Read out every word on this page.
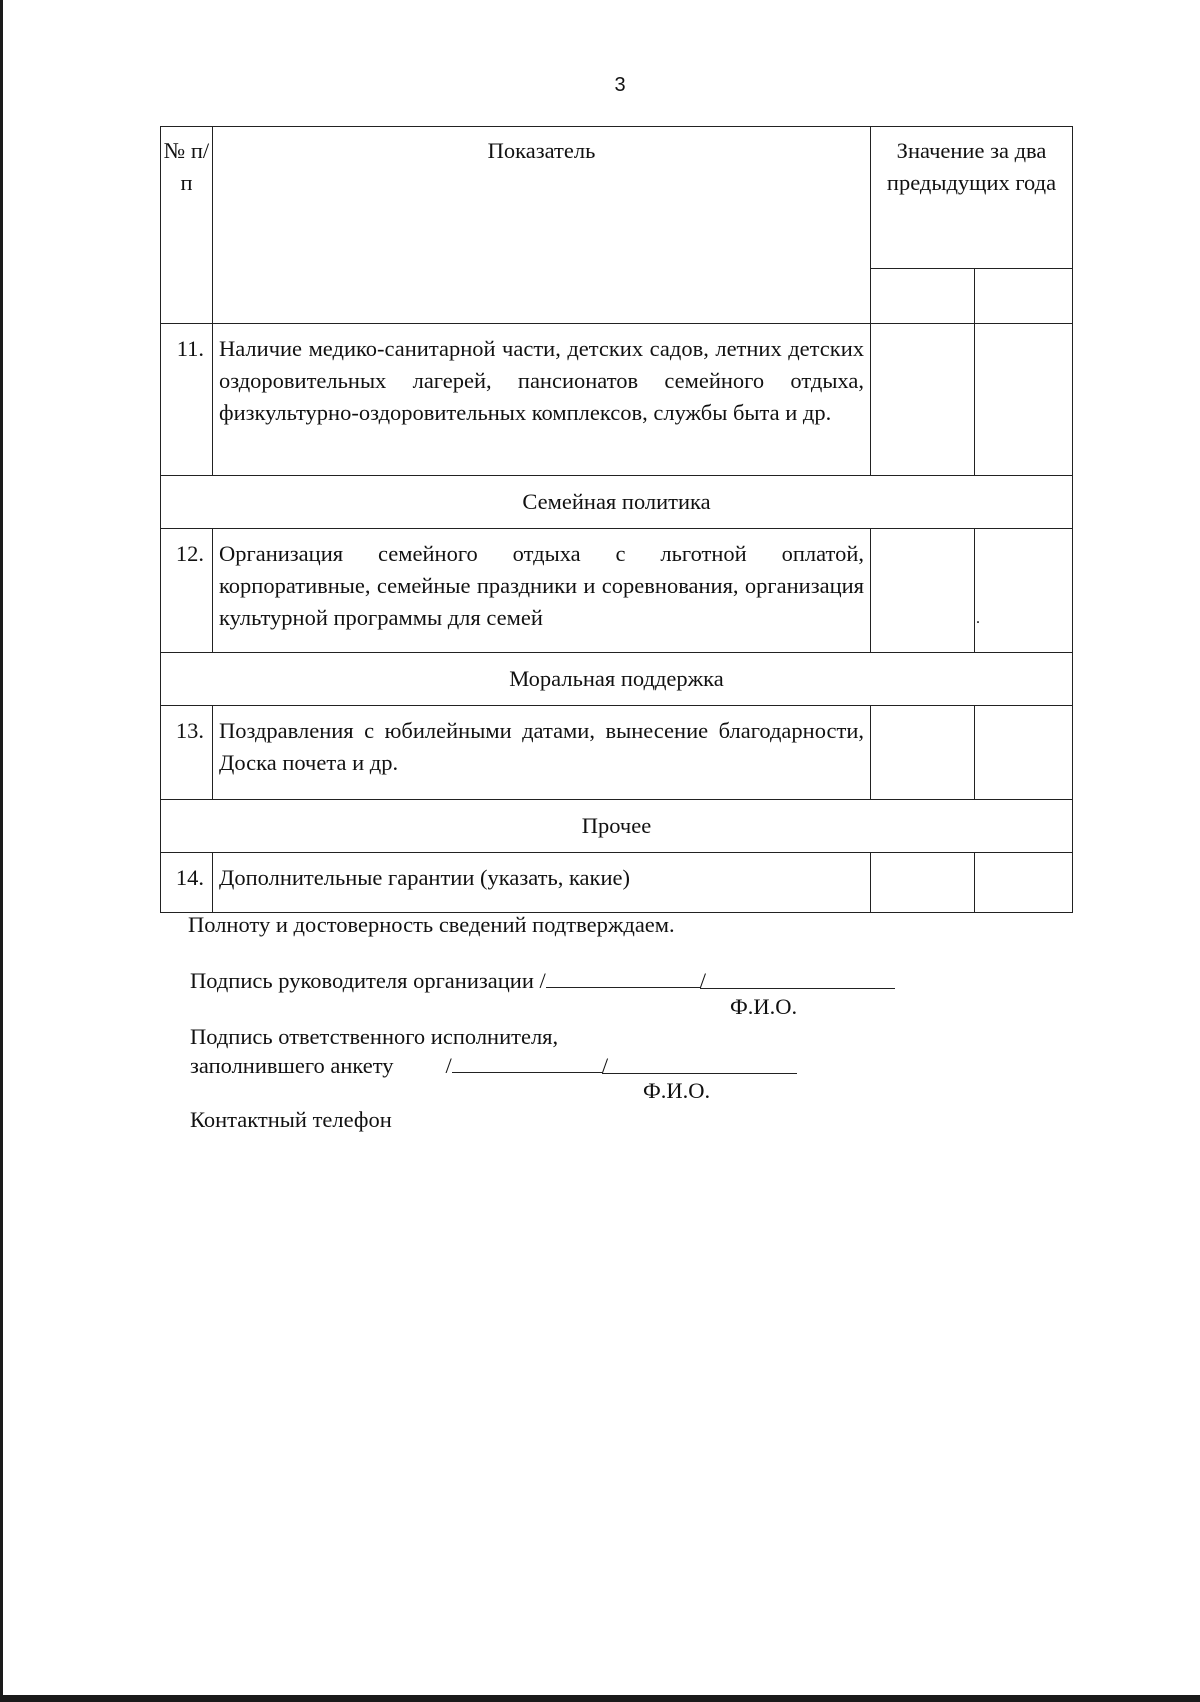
3
№ п/п	Показатель	Значение за два предыдущих года	

11.	Наличие медико-санитарной части, детских садов, летних детских оздоровительных лагерей, пансионатов семейного отдыха, физкультурно-оздоровительных комплексов, службы быта и др.		
Семейная политика			
12.	Организация семейного отдыха с льготной оплатой, корпоративные, семейные праздники и соревнования, организация культурной программы для семей		
Моральная поддержка			
13.	Поздравления с юбилейными датами, вынесение благодарности, Доска почета и др.		
Прочее			
14.	Дополнительные гарантии (указать, какие)		
.
Полноту и достоверность сведений подтверждаем.
Подпись руководителя организации /	/
Ф.И.О.
Подпись ответственного исполнителя,
заполнившего анкету /	/
Ф.И.О.
Контактный телефон
